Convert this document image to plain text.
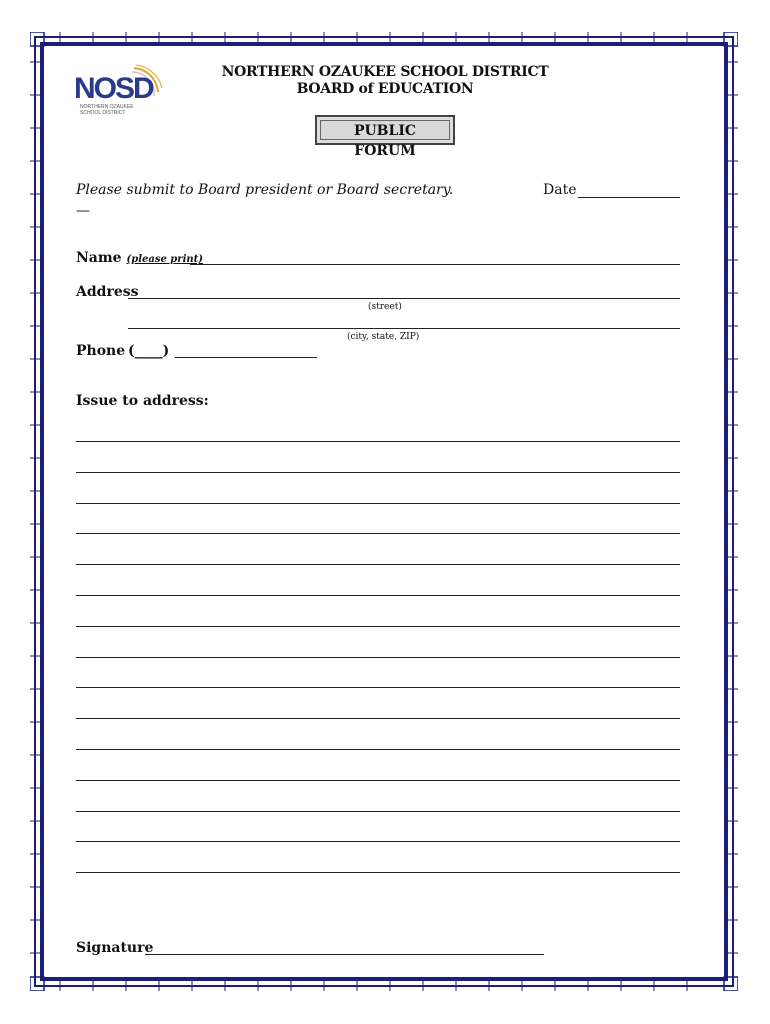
NOSD
NORTHERN OZAUKEE
SCHOOL DISTRICT
NORTHERN OZAUKEE SCHOOL DISTRICT
BOARD of EDUCATION
PUBLIC FORUM
Please submit to Board president or Board secretary.	Date
—
Name (please print)
Address
(street)
(city, state, ZIP)
Phone (____)
Issue to address:
Signature
